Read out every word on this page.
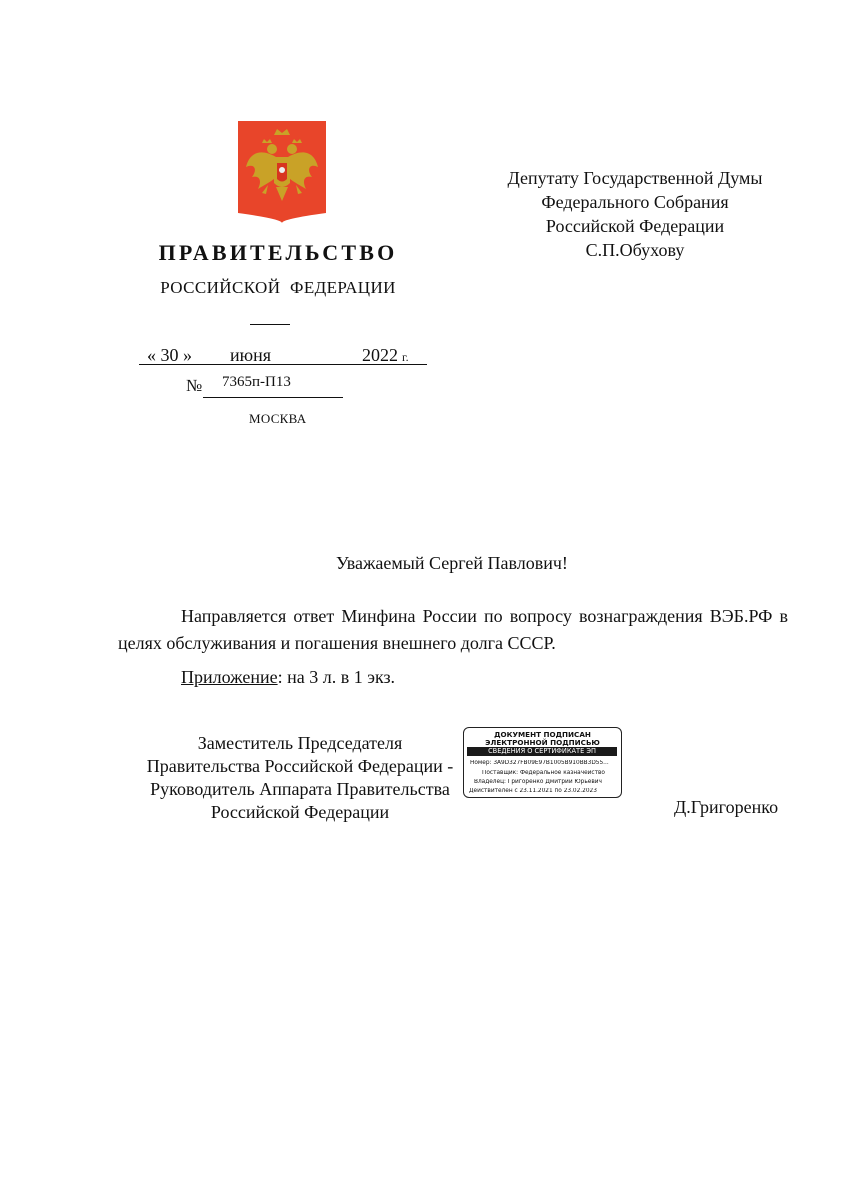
ПРАВИТЕЛЬСТВО
РОССИЙСКОЙ ФЕДЕРАЦИИ
« 30 » июня	2022 г.
№ 7365п-П13
МОСКВА
Депутату Государственной Думы
Федерального Собрания
Российской Федерации
С.П.Обухову
Уважаемый Сергей Павлович!
Направляется ответ Минфина России по вопросу вознаграждения ВЭБ.РФ в целях обслуживания и погашения внешнего долга СССР.
Приложение: на 3 л. в 1 экз.
Заместитель Председателя
Правительства Российской Федерации -
Руководитель Аппарата Правительства
Российской Федерации	Д.Григоренко
ДОКУМЕНТ ПОДПИСАН
ЭЛЕКТРОННОЙ ПОДПИСЬЮ
СВЕДЕНИЯ О СЕРТИФИКАТЕ ЭП
Номер: 3A9D327FB09E97B1005B910BB3D55...
Поставщик: Федеральное казначейство
Владелец: Григоренко Дмитрий Юрьевич
Действителен с 23.11.2021 по 23.02.2023
